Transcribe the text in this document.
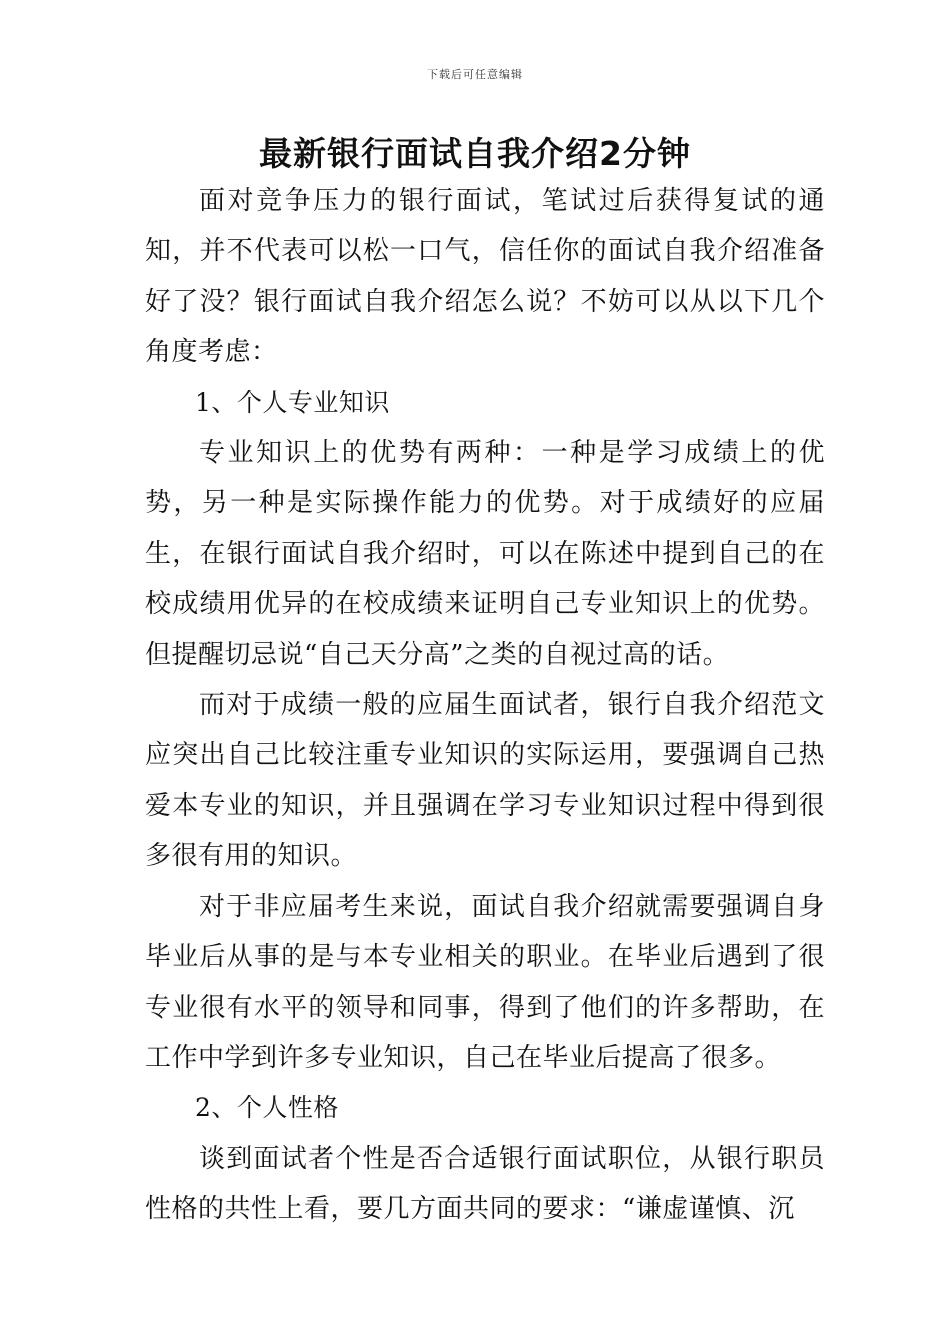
下载后可任意编辑
最新银行面试自我介绍2分钟

面对竞争压力的银行面试，笔试过后获得复试的通知，并不代表可以松一口气，信任你的面试自我介绍准备好了没？银行面试自我介绍怎么说？不妨可以从以下几个角度考虑：

1、个人专业知识

专业知识上的优势有两种：一种是学习成绩上的优势，另一种是实际操作能力的优势。对于成绩好的应届生，在银行面试自我介绍时，可以在陈述中提到自己的在校成绩用优异的在校成绩来证明自己专业知识上的优势。但提醒切忌说“自己天分高”之类的自视过高的话。

而对于成绩一般的应届生面试者，银行自我介绍范文应突出自己比较注重专业知识的实际运用，要强调自己热爱本专业的知识，并且强调在学习专业知识过程中得到很多很有用的知识。

对于非应届考生来说，面试自我介绍就需要强调自身毕业后从事的是与本专业相关的职业。在毕业后遇到了很专业很有水平的领导和同事，得到了他们的许多帮助，在工作中学到许多专业知识，自己在毕业后提高了很多。

2、个人性格

谈到面试者个性是否合适银行面试职位，从银行职员性格的共性上看，要几方面共同的要求：“谦虚谨慎、沉
